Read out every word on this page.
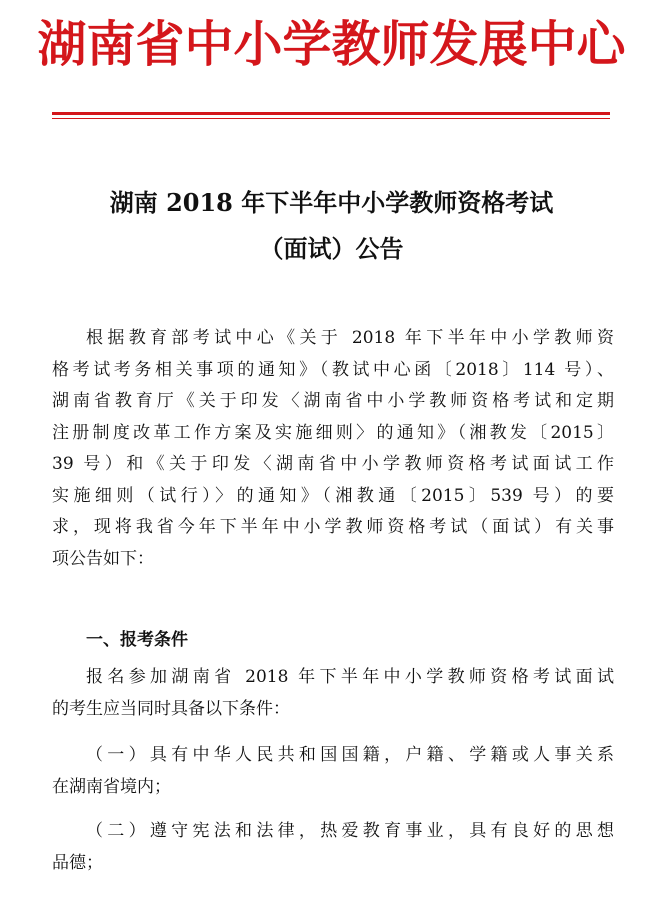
湖南省中小学教师发展中心
湖南 2018 年下半年中小学教师资格考试
（面试）公告
根据教育部考试中心《关于 2018 年下半年中小学教师资
格考试考务相关事项的通知》（教试中心函〔2018〕114 号）、
湖南省教育厅《关于印发〈湖南省中小学教师资格考试和定期
注册制度改革工作方案及实施细则〉的通知》（湘教发〔2015〕
39 号）和《关于印发〈湖南省中小学教师资格考试面试工作
实施细则（试行）〉的通知》（湘教通〔2015〕539 号）的要
求，现将我省今年下半年中小学教师资格考试（面试）有关事
项公告如下：
一、报考条件
报名参加湖南省 2018 年下半年中小学教师资格考试面试
的考生应当同时具备以下条件：
（一）具有中华人民共和国国籍，户籍、学籍或人事关系
在湖南省境内；
（二）遵守宪法和法律，热爱教育事业，具有良好的思想
品德；
